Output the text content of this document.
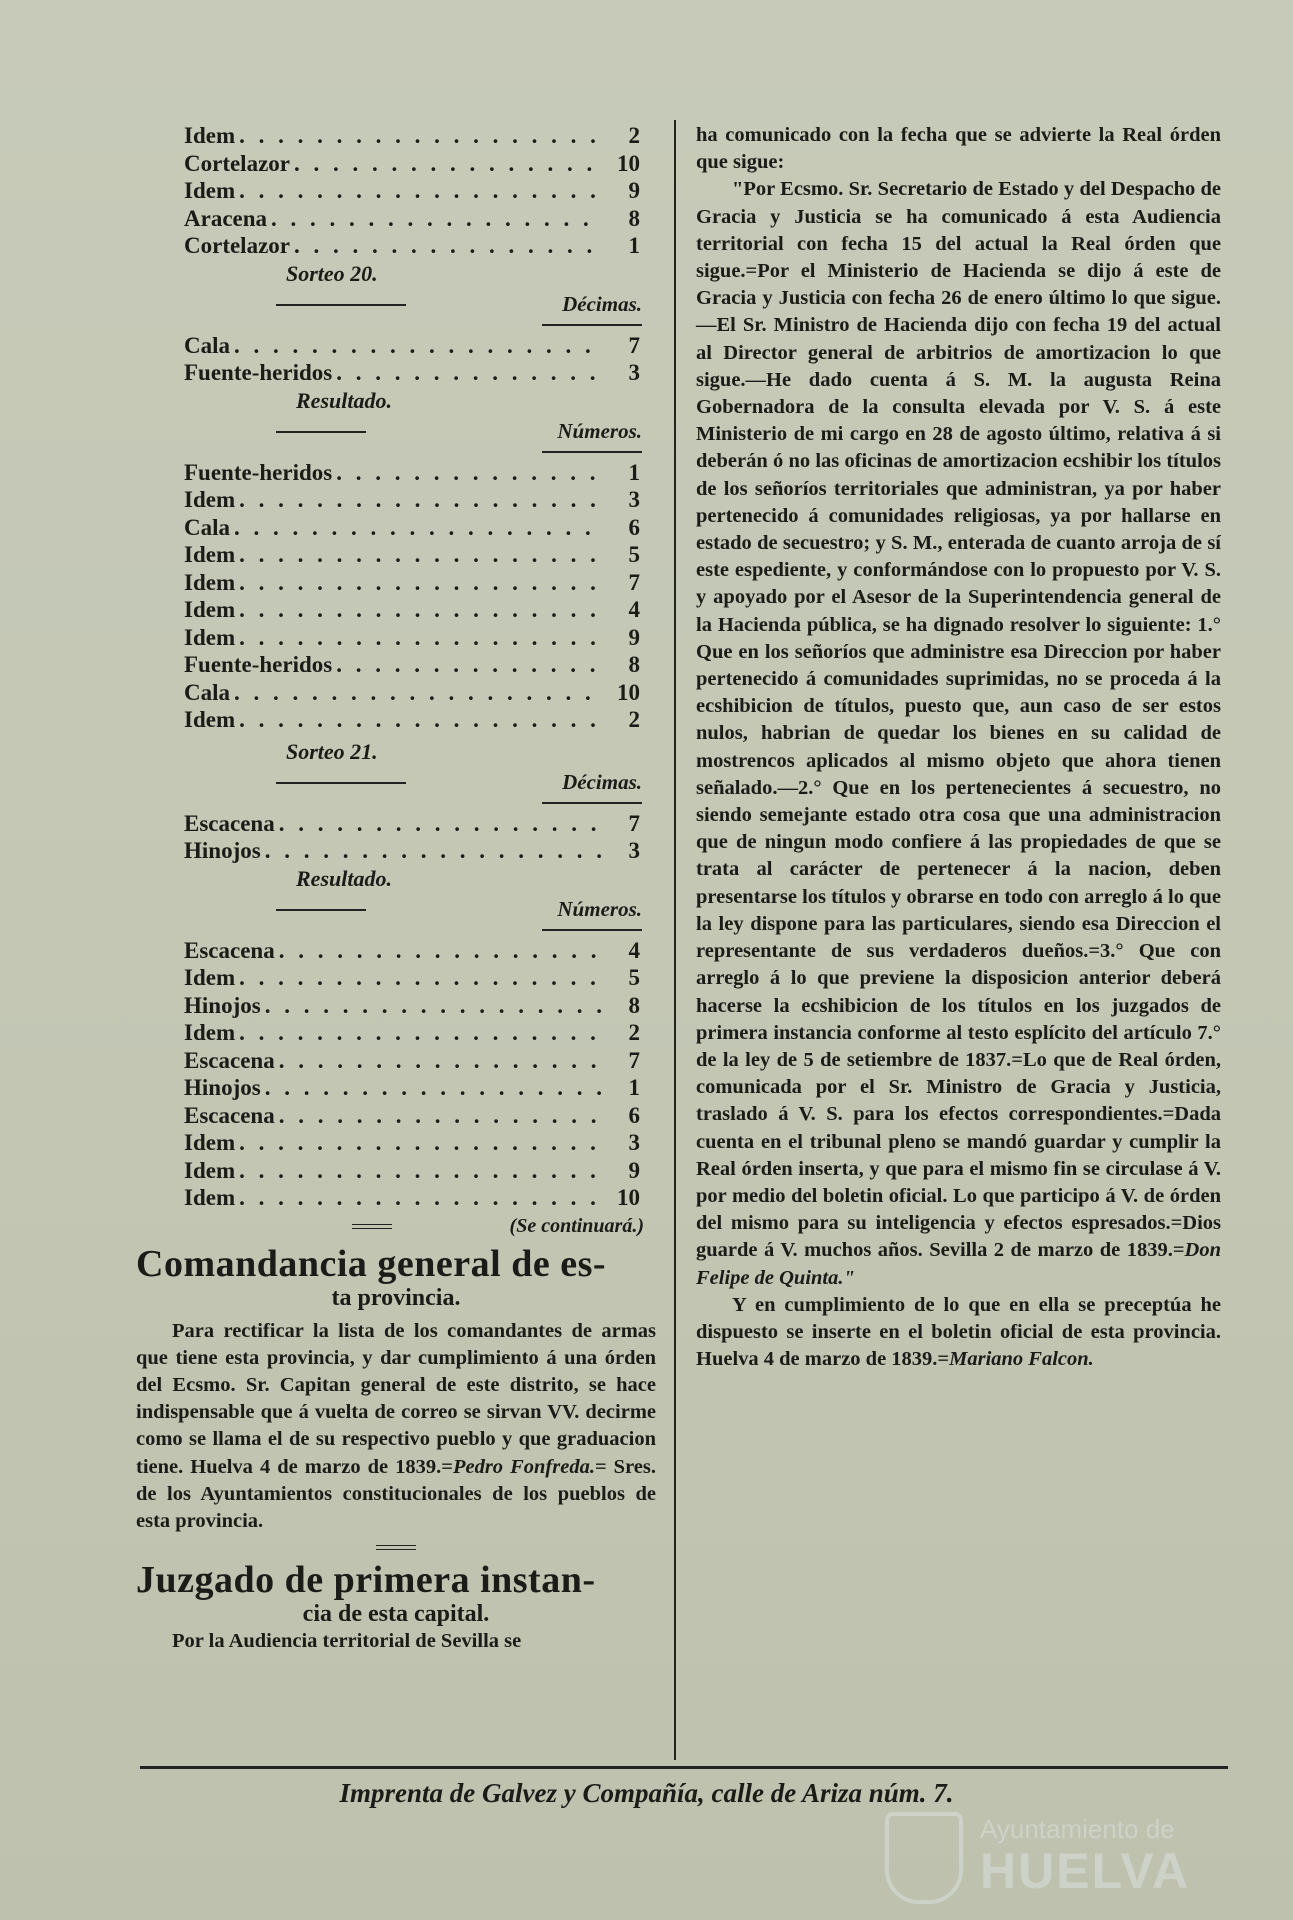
Idem . . .	2
Cortelazor . . .	10
Idem . . .	9
Aracena . . .	8
Cortelazor . . .	1
Sorteo 20.
Décimas.
Cala . . .	7
Fuente-heridos . . .	3
Resultado.
Números.
Fuente-heridos . . .	1
Idem . . .	3
Cala . . .	6
Idem . . .	5
Idem . . .	7
Idem . . .	4
Idem . . .	9
Fuente-heridos . . .	8
Cala . . .	10
Idem . . .	2
Sorteo 21.
Décimas.
Escacena . . .	7
Hinojos . . .	3
Resultado.
Números.
Escacena . . .	4
Idem . . .	5
Hinojos . . .	8
Idem . . .	2
Escacena . . .	7
Hinojos . . .	1
Escacena . . .	6
Idem . . .	3
Idem . . .	9
Idem . . .	10
(Se continuará.)
Comandancia general de es-
ta provincia.

Para rectificar la lista de los comandantes de armas que tiene esta provincia, y dar cumplimiento á una órden del Ecsmo. Sr. Capitan general de este distrito, se hace indispensable que á vuelta de correo se sirvan VV. decirme como se llama el de su respectivo pueblo y que graduacion tiene. Huelva 4 de marzo de 1839.=Pedro Fonfreda.= Sres. de los Ayuntamientos constitucionales de los pueblos de esta provincia.

Juzgado de primera instan-
cia de esta capital.

Por la Audiencia territorial de Sevilla se

ha comunicado con la fecha que se advierte la Real órden que sigue:

"Por Ecsmo. Sr. Secretario de Estado y del Despacho de Gracia y Justicia se ha comunicado á esta Audiencia territorial con fecha 15 del actual la Real órden que sigue.=Por el Ministerio de Hacienda se dijo á este de Gracia y Justicia con fecha 26 de enero último lo que sigue.—El Sr. Ministro de Hacienda dijo con fecha 19 del actual al Director general de arbitrios de amortizacion lo que sigue.—He dado cuenta á S. M. la augusta Reina Gobernadora de la consulta elevada por V. S. á este Ministerio de mi cargo en 28 de agosto último, relativa á si deberán ó no las oficinas de amortizacion ecshibir los títulos de los señoríos territoriales que administran, ya por haber pertenecido á comunidades religiosas, ya por hallarse en estado de secuestro; y S. M., enterada de cuanto arroja de sí este espediente, y conformándose con lo propuesto por V. S. y apoyado por el Asesor de la Superintendencia general de la Hacienda pública, se ha dignado resolver lo siguiente: 1.° Que en los señoríos que administre esa Direccion por haber pertenecido á comunidades suprimidas, no se proceda á la ecshibicion de títulos, puesto que, aun caso de ser estos nulos, habrian de quedar los bienes en su calidad de mostrencos aplicados al mismo objeto que ahora tienen señalado.—2.° Que en los pertenecientes á secuestro, no siendo semejante estado otra cosa que una administracion que de ningun modo confiere á las propiedades de que se trata al carácter de pertenecer á la nacion, deben presentarse los títulos y obrarse en todo con arreglo á lo que la ley dispone para las particulares, siendo esa Direccion el representante de sus verdaderos dueños.=3.° Que con arreglo á lo que previene la disposicion anterior deberá hacerse la ecshibicion de los títulos en los juzgados de primera instancia conforme al testo esplícito del artículo 7.° de la ley de 5 de setiembre de 1837.=Lo que de Real órden, comunicada por el Sr. Ministro de Gracia y Justicia, traslado á V. S. para los efectos correspondientes.=Dada cuenta en el tribunal pleno se mandó guardar y cumplir la Real órden inserta, y que para el mismo fin se circulase á V. por medio del boletin oficial. Lo que participo á V. de órden del mismo para su inteligencia y efectos espresados.=Dios guarde á V. muchos años. Sevilla 2 de marzo de 1839.=Don Felipe de Quinta."

Y en cumplimiento de lo que en ella se preceptúa he dispuesto se inserte en el boletin oficial de esta provincia. Huelva 4 de marzo de 1839.=Mariano Falcon.

Imprenta de Galvez y Compañía, calle de Ariza núm. 7.
Ayuntamiento de
HUELVA
